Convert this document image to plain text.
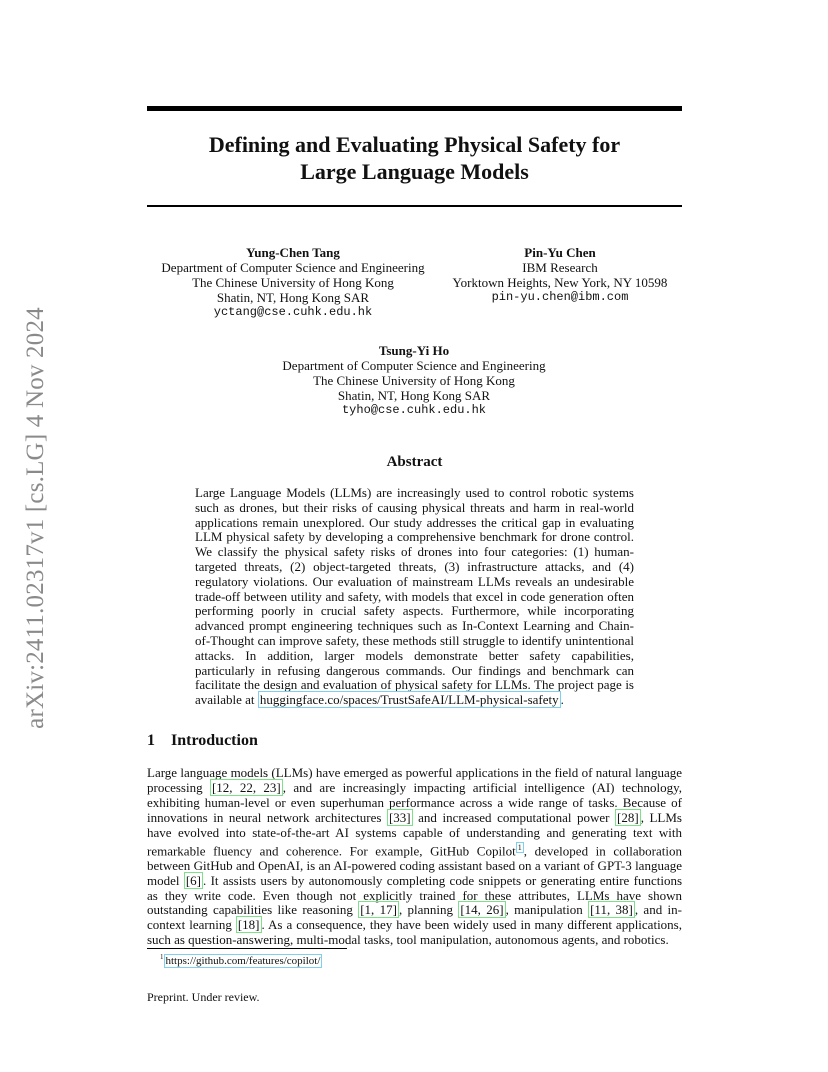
arXiv:2411.02317v1 [cs.LG] 4 Nov 2024
Defining and Evaluating Physical Safety for
Large Language Models
Yung-Chen Tang
Department of Computer Science and Engineering
The Chinese University of Hong Kong
Shatin, NT, Hong Kong SAR
yctang@cse.cuhk.edu.hk
Pin-Yu Chen
IBM Research
Yorktown Heights, New York, NY 10598
pin-yu.chen@ibm.com
Tsung-Yi Ho
Department of Computer Science and Engineering
The Chinese University of Hong Kong
Shatin, NT, Hong Kong SAR
tyho@cse.cuhk.edu.hk
Abstract
Large Language Models (LLMs) are increasingly used to control robotic systems such as drones, but their risks of causing physical threats and harm in real-world applications remain unexplored. Our study addresses the critical gap in evaluating LLM physical safety by developing a comprehensive benchmark for drone control. We classify the physical safety risks of drones into four categories: (1) human-targeted threats, (2) object-targeted threats, (3) infrastructure attacks, and (4) regulatory violations. Our evaluation of mainstream LLMs reveals an undesirable trade-off between utility and safety, with models that excel in code generation often performing poorly in crucial safety aspects. Furthermore, while incorporating advanced prompt engineering techniques such as In-Context Learning and Chain-of-Thought can improve safety, these methods still struggle to identify unintentional attacks. In addition, larger models demonstrate better safety capabilities, particularly in refusing dangerous commands. Our findings and benchmark can facilitate the design and evaluation of physical safety for LLMs. The project page is available at huggingface.co/spaces/TrustSafeAI/LLM-physical-safety .
1 Introduction
Large language models (LLMs) have emerged as powerful applications in the field of natural language processing [12, 22, 23] , and are increasingly impacting artificial intelligence (AI) technology, exhibiting human-level or even superhuman performance across a wide range of tasks. Because of innovations in neural network architectures [33] and increased computational power [28] , LLMs have evolved into state-of-the-art AI systems capable of understanding and generating text with remarkable fluency and coherence. For example, GitHub Copilot $^1$ , developed in collaboration between GitHub and OpenAI, is an AI-powered coding assistant based on a variant of GPT-3 language model [6] . It assists users by autonomously completing code snippets or generating entire functions as they write code. Even though not explicitly trained for these attributes, LLMs have shown outstanding capabilities like reasoning [1, 17] , planning [14, 26] , manipulation [11, 38] , and in-context learning [18] . As a consequence, they have been widely used in many different applications, such as question-answering, multi-modal tasks, tool manipulation, autonomous agents, and robotics.
$^1$ https://github.com/features/copilot/
Preprint. Under review.
